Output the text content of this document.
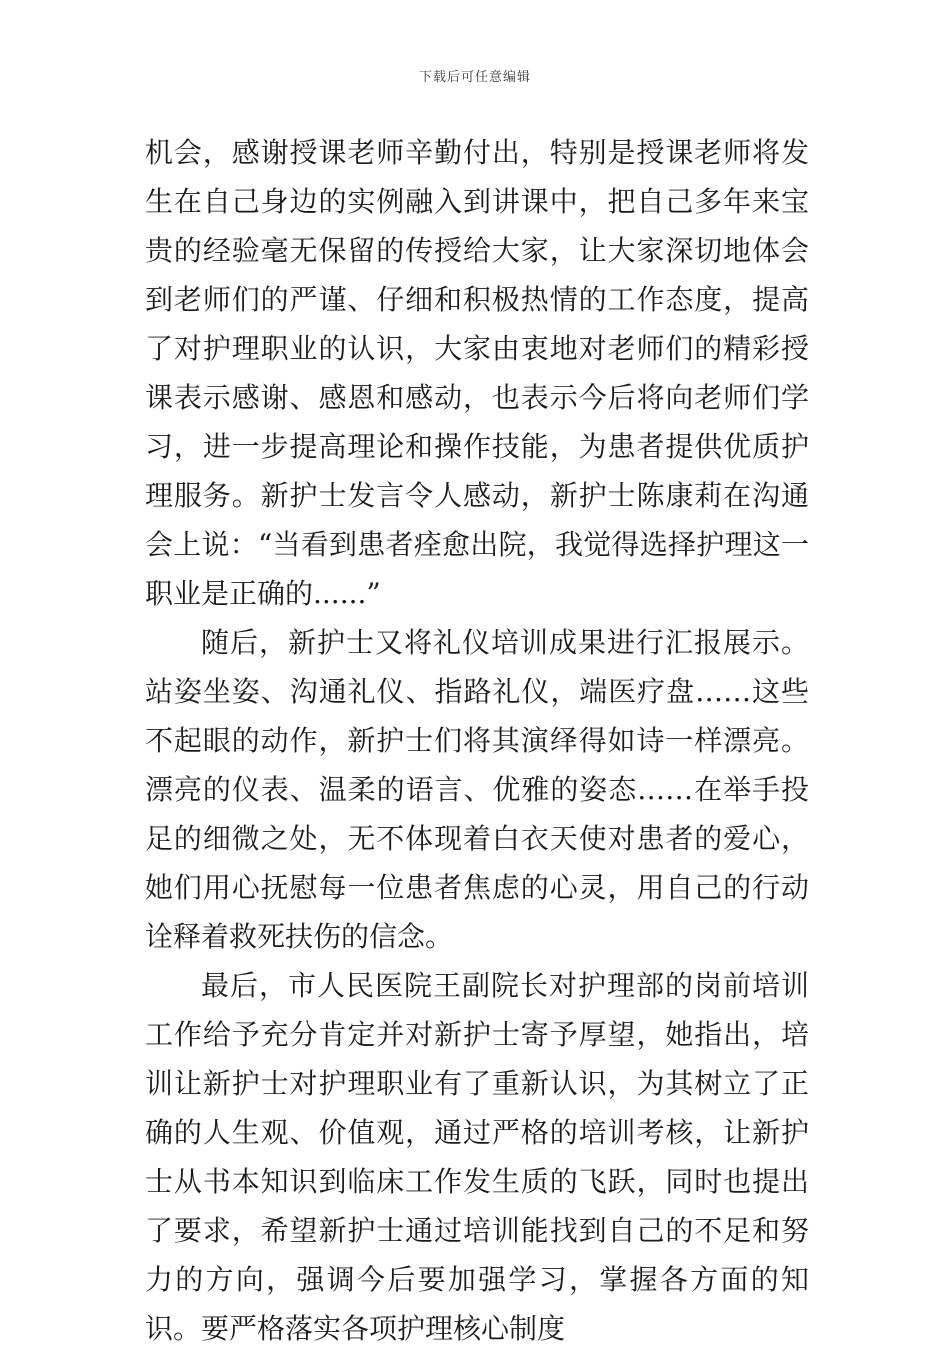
下载后可任意编辑

机会，感谢授课老师辛勤付出，特别是授课老师将发生在自己身边的实例融入到讲课中，把自己多年来宝贵的经验毫无保留的传授给大家，让大家深切地体会到老师们的严谨、仔细和积极热情的工作态度，提高了对护理职业的认识，大家由衷地对老师们的精彩授课表示感谢、感恩和感动，也表示今后将向老师们学习，进一步提高理论和操作技能，为患者提供优质护理服务。新护士发言令人感动，新护士陈康莉在沟通会上说：“当看到患者痊愈出院，我觉得选择护理这一职业是正确的......”

随后，新护士又将礼仪培训成果进行汇报展示。站姿坐姿、沟通礼仪、指路礼仪，端医疗盘……这些不起眼的动作，新护士们将其演绎得如诗一样漂亮。漂亮的仪表、温柔的语言、优雅的姿态……在举手投足的细微之处，无不体现着白衣天使对患者的爱心，她们用心抚慰每一位患者焦虑的心灵，用自己的行动诠释着救死扶伤的信念。

最后，市人民医院王副院长对护理部的岗前培训工作给予充分肯定并对新护士寄予厚望，她指出，培训让新护士对护理职业有了重新认识，为其树立了正确的人生观、价值观，通过严格的培训考核，让新护士从书本知识到临床工作发生质的飞跃，同时也提出了要求，希望新护士通过培训能找到自己的不足和努力的方向，强调今后要加强学习，掌握各方面的知识。要严格落实各项护理核心制度
